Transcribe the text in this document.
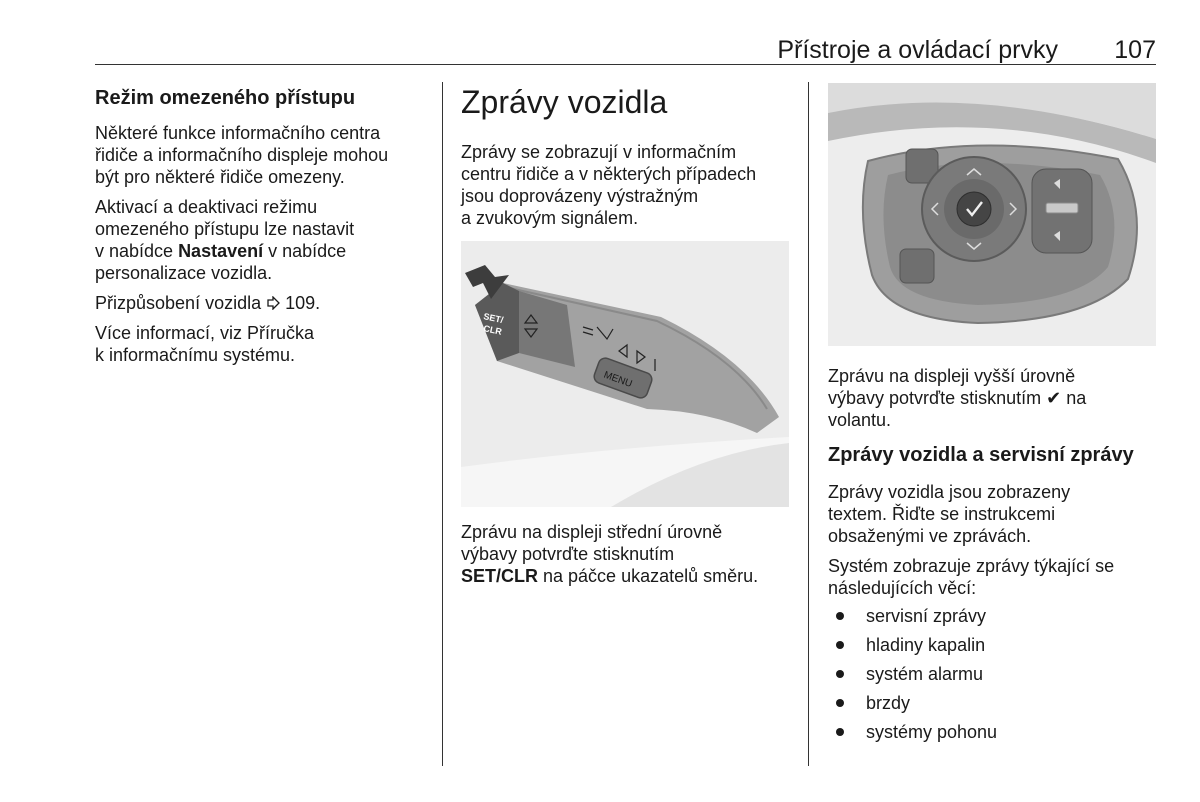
Přístroje a ovládací prvky 107
Režim omezeného přístupu

Některé funkce informačního centra
řidiče a informačního displeje mohou
být pro některé řidiče omezeny.

Aktivací a deaktivaci režimu
omezeného přístupu lze nastavit
v nabídce Nastavení v nabídce
personalizace vozidla.

Přizpůsobení vozidla 109.

Více informací, viz Příručka
k informačnímu systému.

Zprávy vozidla

Zprávy se zobrazují v informačním
centru řidiče a v některých případech
jsou doprovázeny výstražným
a zvukovým signálem.

MENU
SET/
CLR

Zprávu na displeji střední úrovně
výbavy potvrďte stisknutím
SET/CLR na páčce ukazatelů směru.

Zprávu na displeji vyšší úrovně
výbavy potvrďte stisknutím ✔ na
volantu.

Zprávy vozidla a servisní zprávy

Zprávy vozidla jsou zobrazeny
textem. Řiďte se instrukcemi
obsaženými ve zprávách.

Systém zobrazuje zprávy týkající se
následujících věcí:

servisní zprávy
hladiny kapalin
systém alarmu
brzdy
systémy pohonu
